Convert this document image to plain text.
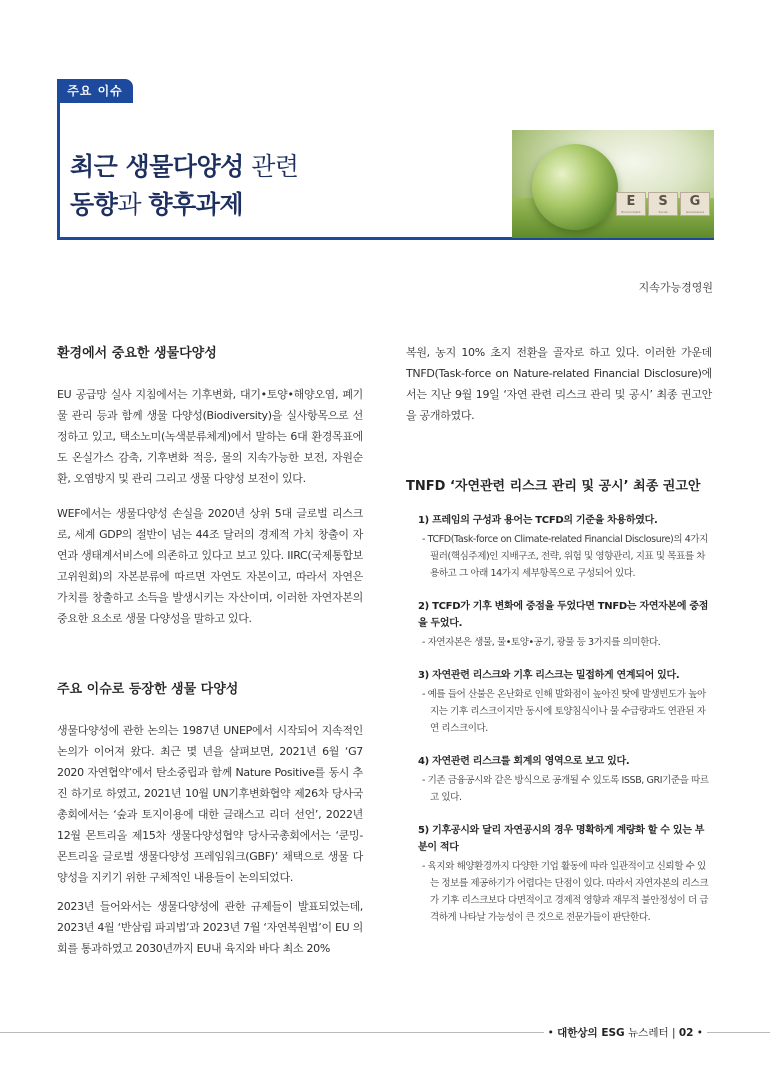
주요 이슈
최근 생물다양성 관련
동향과 향후과제	E
Environment
S
Social
G
Governance
지속가능경영원
환경에서 중요한 생물다양성

EU 공급망 실사 지침에서는 기후변화, 대기•토양•해양오염, 폐기물 관리 등과 함께 생물 다양성(Biodiversity)을 실사항목으로 선정하고 있고, 택소노미(녹색분류체계)에서 말하는 6대 환경목표에도 온실가스 감축, 기후변화 적응, 물의 지속가능한 보전, 자원순환, 오염방지 및 관리 그리고 생물 다양성 보전이 있다.

WEF에서는 생물다양성 손실을 2020년 상위 5대 글로벌 리스크로, 세계 GDP의 절반이 넘는 44조 달러의 경제적 가치 창출이 자연과 생태계서비스에 의존하고 있다고 보고 있다. IIRC(국제통합보고위원회)의 자본분류에 따르면 자연도 자본이고, 따라서 자연은 가치를 창출하고 소득을 발생시키는 자산이며, 이러한 자연자본의 중요한 요소로 생물 다양성을 말하고 있다.

주요 이슈로 등장한 생물 다양성

생물다양성에 관한 논의는 1987년 UNEP에서 시작되어 지속적인 논의가 이어져 왔다. 최근 몇 년을 살펴보면, 2021년 6월 ‘G7 2020 자연협약’에서 탄소중립과 함께 Nature Positive를 동시 추진 하기로 하였고, 2021년 10월 UN기후변화협약 제26차 당사국총회에서는 ‘숲과 토지이용에 대한 글래스고 리더 선언’, 2022년 12월 몬트리올 제15차 생물다양성협약 당사국총회에서는 ‘쿤밍-몬트리올 글로벌 생물다양성 프레임워크(GBF)’ 채택으로 생물 다양성을 지키기 위한 구체적인 내용들이 논의되었다.

2023년 들어와서는 생물다양성에 관한 규제들이 발표되었는데, 2023년 4월 ‘반삼림 파괴법’과 2023년 7월 ‘자연복원법’이 EU 의회를 통과하였고 2030년까지 EU내 육지와 바다 최소 20%

복원, 농지 10% 초지 전환을 골자로 하고 있다. 이러한 가운데 TNFD(Task-force on Nature-related Financial Disclosure)에서는 지난 9월 19일 ‘자연 관련 리스크 관리 및 공시’ 최종 권고안을 공개하였다.

TNFD ‘자연관련 리스크 관리 및 공시’ 최종 권고안
1) 프레임의 구성과 용어는 TCFD의 기준을 차용하였다.
- TCFD(Task-force on Climate-related Financial Disclosure)의 4가지 필러(핵심주제)인 지배구조, 전략, 위험 및 영향관리, 지표 및 목표를 차용하고 그 아래 14가지 세부항목으로 구성되어 있다.
2) TCFD가 기후 변화에 중점을 두었다면 TNFD는 자연자본에 중점을 두었다.
- 자연자본은 생물, 물•토양•공기, 광물 등 3가지를 의미한다.
3) 자연관련 리스크와 기후 리스크는 밀접하게 연계되어 있다.
- 예를 들어 산불은 온난화로 인해 발화점이 높아진 탓에 발생빈도가 높아지는 기후 리스크이지만 동시에 토양침식이나 물 수급량과도 연관된 자연 리스크이다.
4) 자연관련 리스크를 회계의 영역으로 보고 있다.
- 기존 금융공시와 같은 방식으로 공개될 수 있도록 ISSB, GRI기준을 따르고 있다.
5) 기후공시와 달리 자연공시의 경우 명확하게 계량화 할 수 있는 부분이 적다
- 육지와 해양환경까지 다양한 기업 활동에 따라 일관적이고 신뢰할 수 있는 정보를 제공하기가 어렵다는 단점이 있다. 따라서 자연자본의 리스크가 기후 리스크보다 다면적이고 경제적 영향과 재무적 불안정성이 더 급격하게 나타날 가능성이 큰 것으로 전문가들이 판단한다.
• 대한상의 ESG 뉴스레터 | 02 •
